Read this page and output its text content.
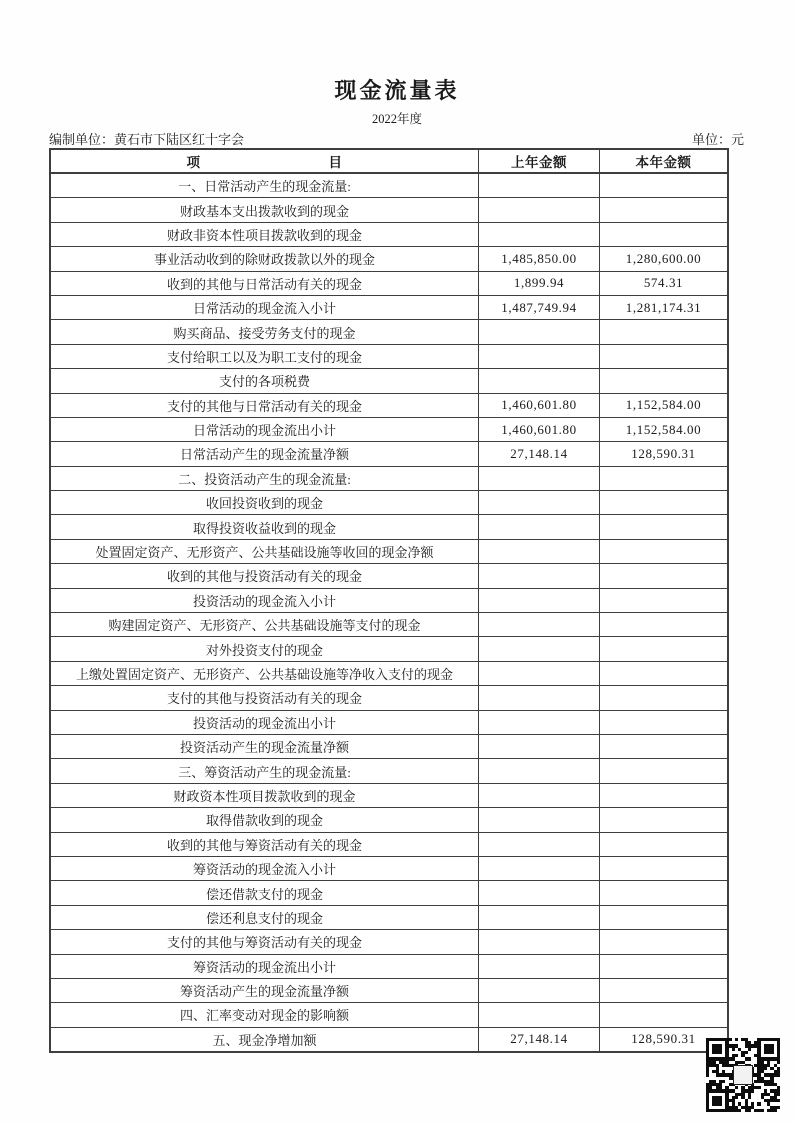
现金流量表
2022年度
编制单位：黄石市下陆区红十字会	单位：元
项	目	上年金额	本年金额
一、日常活动产生的现金流量:
财政基本支出拨款收到的现金
财政非资本性项目拨款收到的现金
事业活动收到的除财政拨款以外的现金	1,485,850.00	1,280,600.00
收到的其他与日常活动有关的现金	1,899.94	574.31
日常活动的现金流入小计	1,487,749.94	1,281,174.31
购买商品、接受劳务支付的现金
支付给职工以及为职工支付的现金
支付的各项税费
支付的其他与日常活动有关的现金	1,460,601.80	1,152,584.00
日常活动的现金流出小计	1,460,601.80	1,152,584.00
日常活动产生的现金流量净额	27,148.14	128,590.31
二、投资活动产生的现金流量:
收回投资收到的现金
取得投资收益收到的现金
处置固定资产、无形资产、公共基础设施等收回的现金净额
收到的其他与投资活动有关的现金
投资活动的现金流入小计
购建固定资产、无形资产、公共基础设施等支付的现金
对外投资支付的现金
上缴处置固定资产、无形资产、公共基础设施等净收入支付的现金
支付的其他与投资活动有关的现金
投资活动的现金流出小计
投资活动产生的现金流量净额
三、筹资活动产生的现金流量:
财政资本性项目拨款收到的现金
取得借款收到的现金
收到的其他与筹资活动有关的现金
筹资活动的现金流入小计
偿还借款支付的现金
偿还利息支付的现金
支付的其他与筹资活动有关的现金
筹资活动的现金流出小计
筹资活动产生的现金流量净额
四、汇率变动对现金的影响额
五、现金净增加额	27,148.14	128,590.31
